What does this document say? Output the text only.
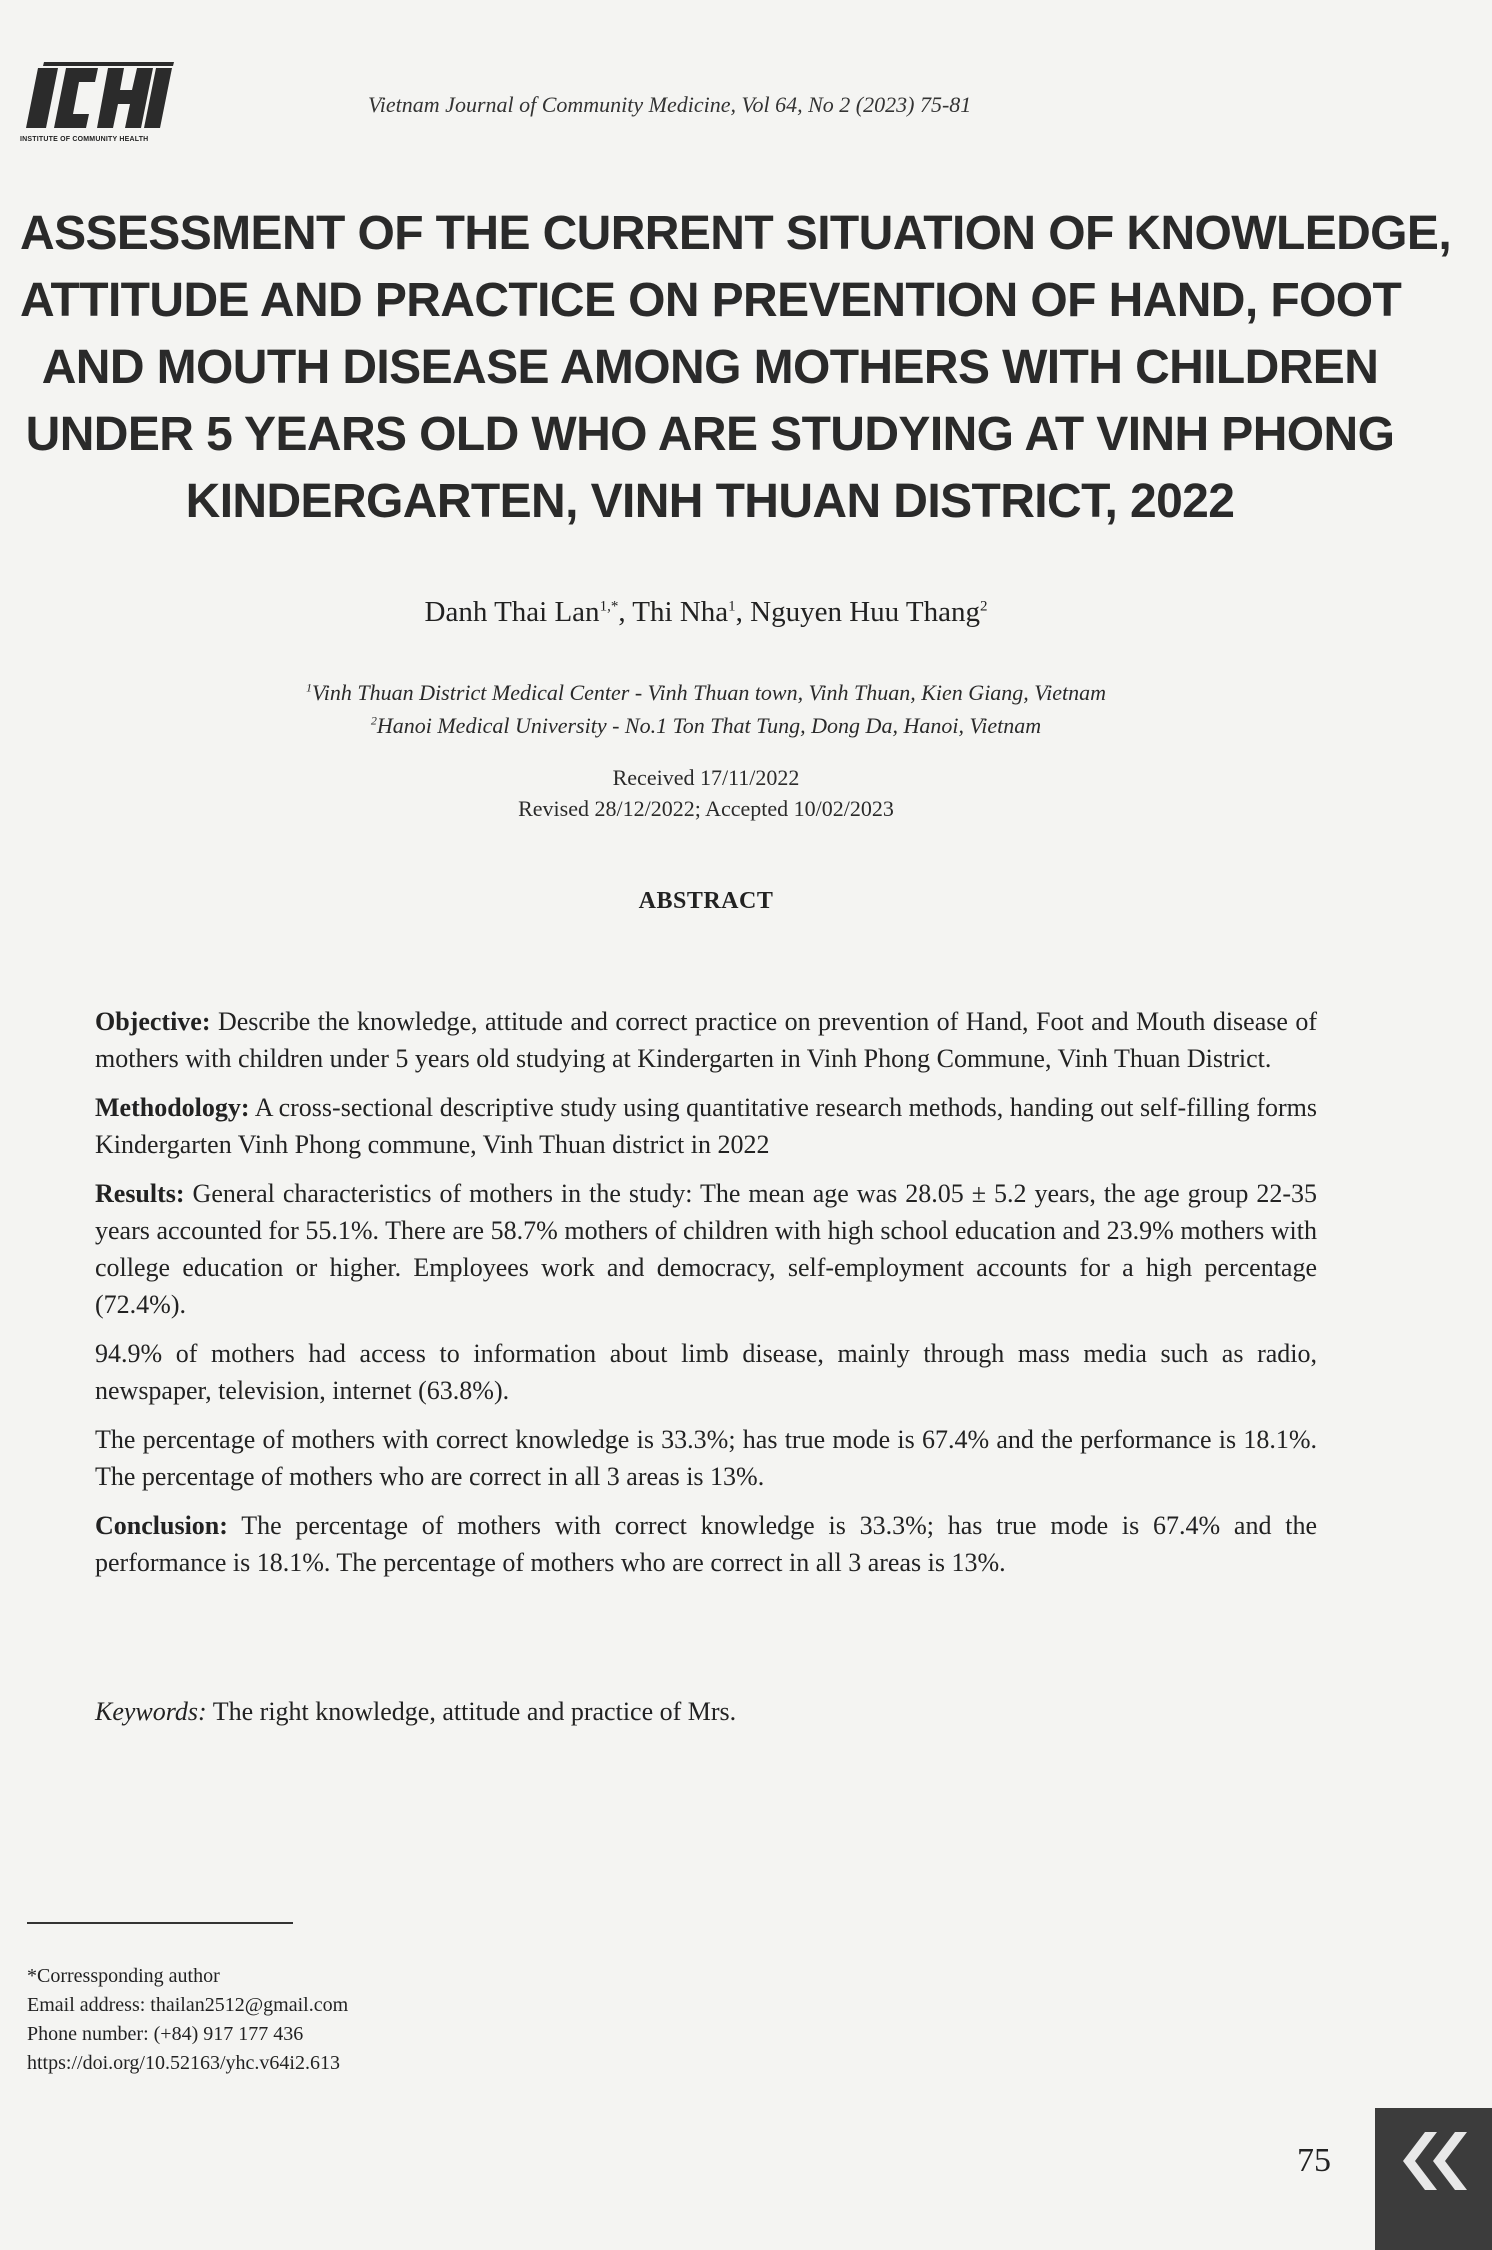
INSTITUTE OF COMMUNITY HEALTH
Vietnam Journal of Community Medicine, Vol 64, No 2 (2023) 75-81
ASSESSMENT OF THE CURRENT SITUATION OF KNOWLEDGE,
ATTITUDE AND PRACTICE ON PREVENTION OF HAND, FOOT
AND MOUTH DISEASE AMONG MOTHERS WITH CHILDREN
UNDER 5 YEARS OLD WHO ARE STUDYING AT VINH PHONG
KINDERGARTEN, VINH THUAN DISTRICT, 2022
Danh Thai Lan$^{1,*}$, Thi Nha$^1$, Nguyen Huu Thang$^2$
$^1$Vinh Thuan District Medical Center - Vinh Thuan town, Vinh Thuan, Kien Giang, Vietnam
$^2$Hanoi Medical University - No.1 Ton That Tung, Dong Da, Hanoi, Vietnam
Received 17/11/2022
Revised 28/12/2022; Accepted 10/02/2023
ABSTRACT

Objective: Describe the knowledge, attitude and correct practice on prevention of Hand, Foot and Mouth disease of mothers with children under 5 years old studying at Kindergarten in Vinh Phong Commune, Vinh Thuan District.

Methodology: A cross-sectional descriptive study using quantitative research methods, handing out self-filling forms Kindergarten Vinh Phong commune, Vinh Thuan district in 2022

Results: General characteristics of mothers in the study: The mean age was 28.05 ± 5.2 years, the age group 22-35 years accounted for 55.1%. There are 58.7% mothers of children with high school education and 23.9% mothers with college education or higher. Employees work and democracy, self-employment accounts for a high percentage (72.4%).

94.9% of mothers had access to information about limb disease, mainly through mass media such as radio, newspaper, television, internet (63.8%).

The percentage of mothers with correct knowledge is 33.3%; has true mode is 67.4% and the performance is 18.1%. The percentage of mothers who are correct in all 3 areas is 13%.

Conclusion: The percentage of mothers with correct knowledge is 33.3%; has true mode is 67.4% and the performance is 18.1%. The percentage of mothers who are correct in all 3 areas is 13%.

Keywords: The right knowledge, attitude and practice of Mrs.
*Corressponding author
Email address: thailan2512@gmail.com
Phone number: (+84) 917 177 436
https://doi.org/10.52163/yhc.v64i2.613
75
